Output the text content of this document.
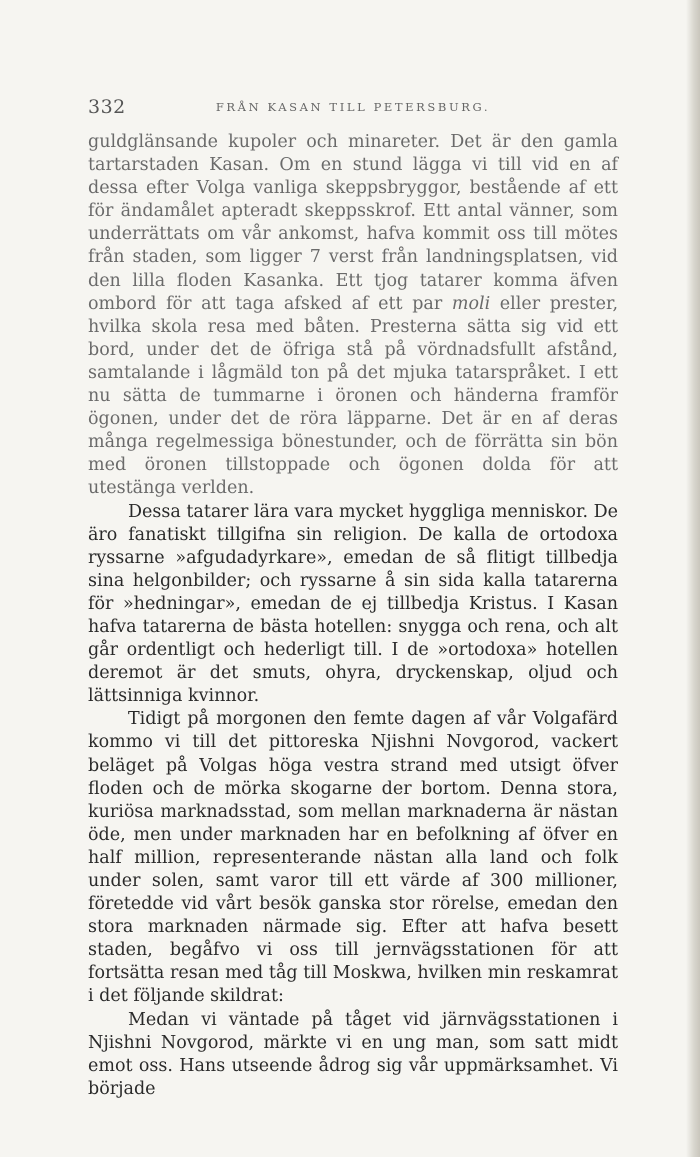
332	FRÅN KASAN TILL PETERSBURG.

guldglänsande kupoler och minareter. Det är den gamla tartarstaden Kasan. Om en stund lägga vi till vid en af dessa efter Volga vanliga skeppsbryggor, bestående af ett för ändamålet apteradt skeppsskrof. Ett antal vänner, som underrättats om vår ankomst, hafva kommit oss till mötes från staden, som ligger 7 verst från landningsplatsen, vid den lilla floden Kasanka. Ett tjog tatarer komma äfven ombord för att taga afsked af ett par moli eller prester, hvilka skola resa med båten. Presterna sätta sig vid ett bord, under det de öfriga stå på vördnadsfullt afstånd, samtalande i lågmäld ton på det mjuka tatarspråket. I ett nu sätta de tummarne i öronen och händerna framför ögonen, under det de röra läpparne. Det är en af deras många regelmessiga bönestunder, och de förrätta sin bön med öronen tillstoppade och ögonen dolda för att utestänga verlden.

Dessa tatarer lära vara mycket hyggliga menniskor. De äro fanatiskt tillgifna sin religion. De kalla de ortodoxa ryssarne »afgudadyrkare», emedan de så flitigt tillbedja sina helgonbilder; och ryssarne å sin sida kalla tatarerna för »hedningar», emedan de ej tillbedja Kristus. I Kasan hafva tatarerna de bästa hotellen: snygga och rena, och alt går ordentligt och hederligt till. I de »ortodoxa» hotellen deremot är det smuts, ohyra, dryckenskap, oljud och lättsinniga kvinnor.

Tidigt på morgonen den femte dagen af vår Volgafärd kommo vi till det pittoreska Njishni Novgorod, vackert beläget på Volgas höga vestra strand med utsigt öfver floden och de mörka skogarne der bortom. Denna stora, kuriösa marknadsstad, som mellan marknaderna är nästan öde, men under marknaden har en befolkning af öfver en half million, representerande nästan alla land och folk under solen, samt varor till ett värde af 300 millioner, företedde vid vårt besök ganska stor rörelse, emedan den stora marknaden närmade sig. Efter att hafva besett staden, begåfvo vi oss till jernvägsstationen för att fortsätta resan med tåg till Moskwa, hvilken min reskamrat i det följande skildrat:

Medan vi väntade på tåget vid järnvägsstationen i Njishni Novgorod, märkte vi en ung man, som satt midt emot oss. Hans utseende ådrog sig vår uppmärksamhet. Vi började
